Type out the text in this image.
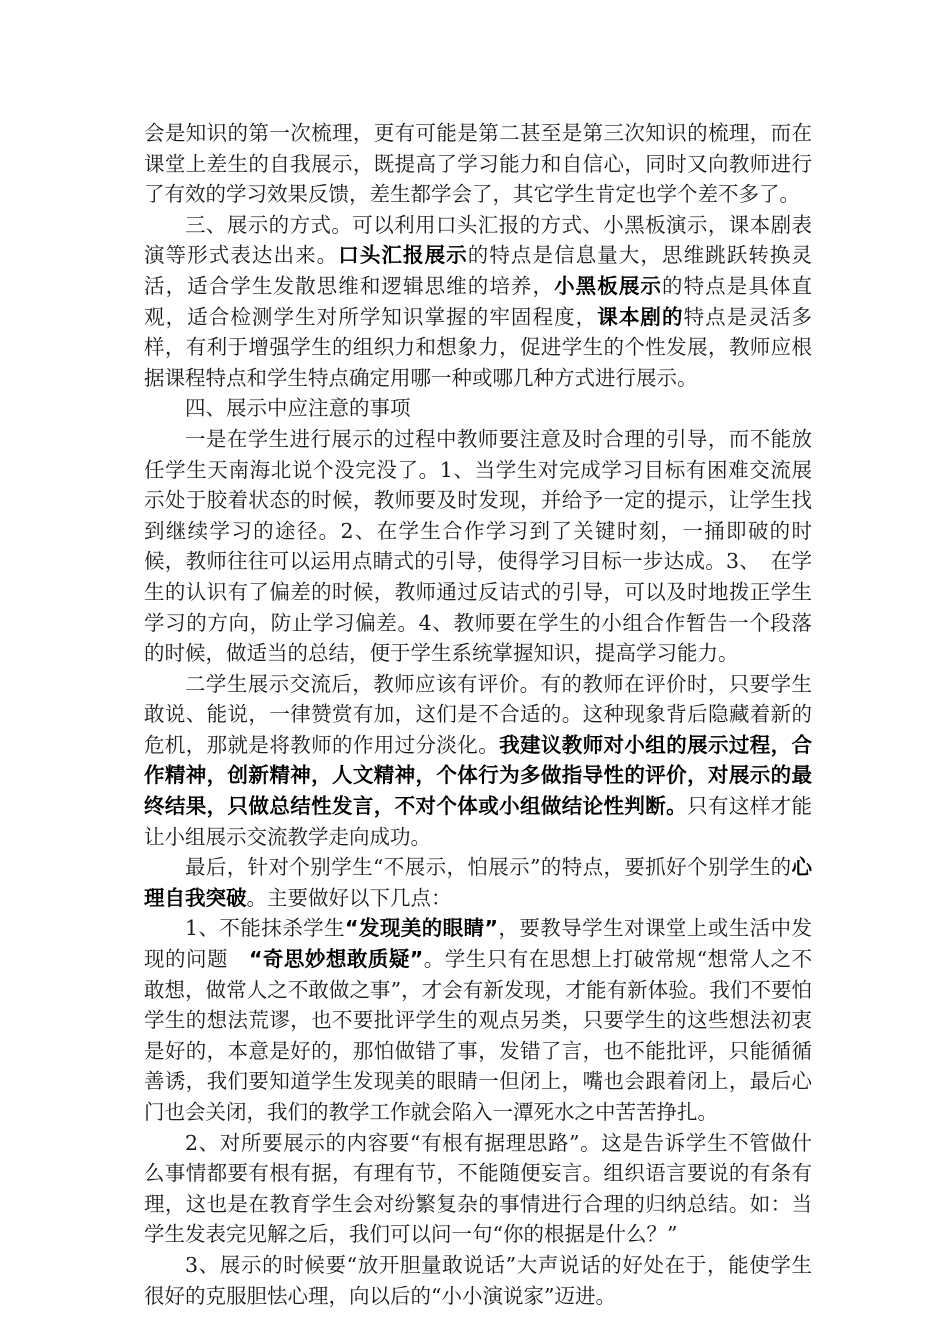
会是知识的第一次梳理，更有可能是第二甚至是第三次知识的梳理，而在课堂上差生的自我展示，既提高了学习能力和自信心，同时又向教师进行了有效的学习效果反馈，差生都学会了，其它学生肯定也学个差不多了。

三、展示的方式。可以利用口头汇报的方式、小黑板演示，课本剧表演等形式表达出来。口头汇报展示的特点是信息量大，思维跳跃转换灵活，适合学生发散思维和逻辑思维的培养，小黑板展示的特点是具体直观，适合检测学生对所学知识掌握的牢固程度，课本剧的特点是灵活多样，有利于增强学生的组织力和想象力，促进学生的个性发展，教师应根据课程特点和学生特点确定用哪一种或哪几种方式进行展示。

四、展示中应注意的事项

一是在学生进行展示的过程中教师要注意及时合理的引导，而不能放任学生天南海北说个没完没了。1、当学生对完成学习目标有困难交流展示处于胶着状态的时候，教师要及时发现，并给予一定的提示，让学生找到继续学习的途径。2、在学生合作学习到了关键时刻，一捅即破的时候，教师往往可以运用点睛式的引导，使得学习目标一步达成。3、　在学生的认识有了偏差的时候，教师通过反诘式的引导，可以及时地拨正学生学习的方向，防止学习偏差。4、教师要在学生的小组合作暂告一个段落的时候，做适当的总结，便于学生系统掌握知识，提高学习能力。

二学生展示交流后，教师应该有评价。有的教师在评价时，只要学生敢说、能说，一律赞赏有加，这们是不合适的。这种现象背后隐藏着新的危机，那就是将教师的作用过分淡化。我建议教师对小组的展示过程，合作精神，创新精神，人文精神，个体行为多做指导性的评价，对展示的最终结果，只做总结性发言，不对个体或小组做结论性判断。只有这样才能让小组展示交流教学走向成功。

最后，针对个别学生“不展示，怕展示”的特点，要抓好个别学生的心理自我突破。主要做好以下几点：

1、不能抹杀学生“发现美的眼睛”，要教导学生对课堂上或生活中发现的问题　“奇思妙想敢质疑”。学生只有在思想上打破常规“想常人之不敢想，做常人之不敢做之事”，才会有新发现，才能有新体验。我们不要怕学生的想法荒谬，也不要批评学生的观点另类，只要学生的这些想法初衷是好的，本意是好的，那怕做错了事，发错了言，也不能批评，只能循循善诱，我们要知道学生发现美的眼睛一但闭上，嘴也会跟着闭上，最后心门也会关闭，我们的教学工作就会陷入一潭死水之中苦苦挣扎。

2、对所要展示的内容要“有根有据理思路”。这是告诉学生不管做什么事情都要有根有据，有理有节，不能随便妄言。组织语言要说的有条有理，这也是在教育学生会对纷繁复杂的事情进行合理的归纳总结。如：当学生发表完见解之后，我们可以问一句“你的根据是什么？”

3、展示的时候要“放开胆量敢说话”大声说话的好处在于，能使学生很好的克服胆怯心理，向以后的“小小演说家”迈进。
